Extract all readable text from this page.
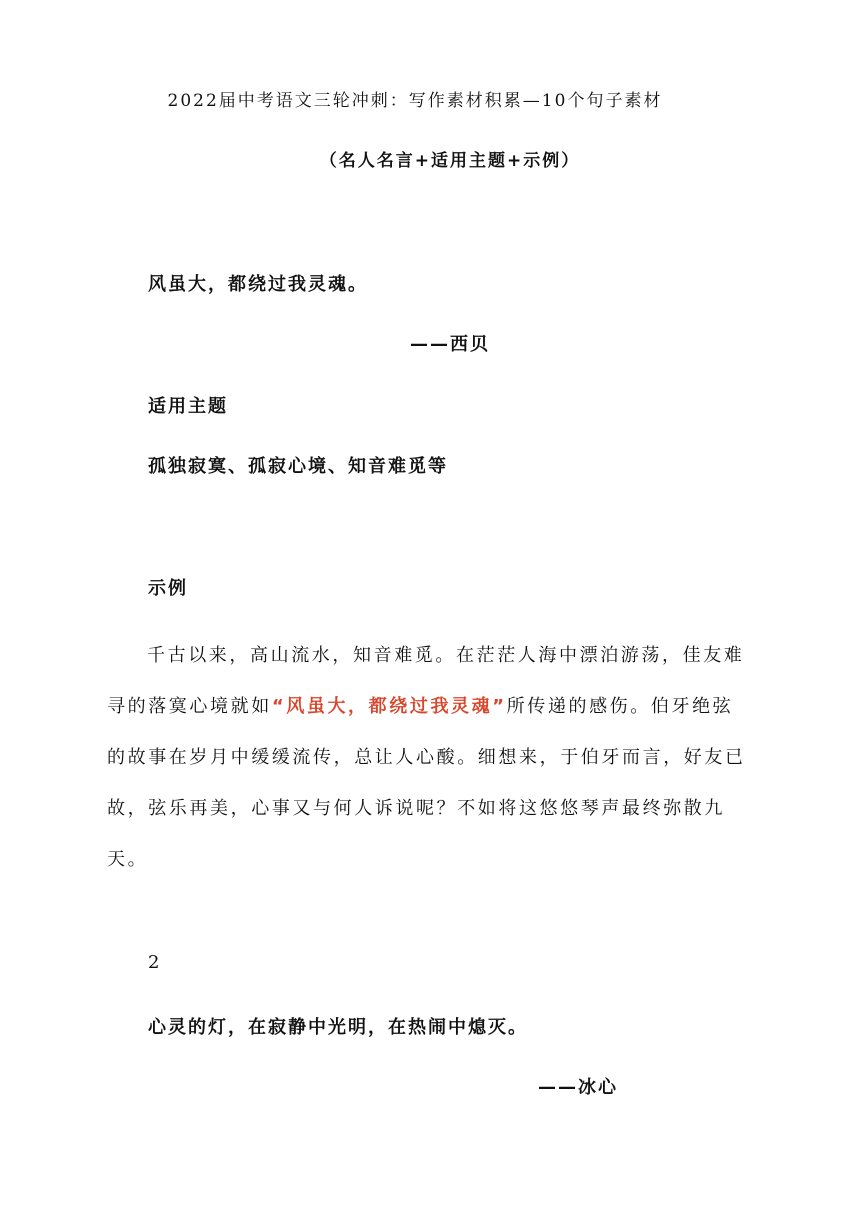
2022届中考语文三轮冲刺：写作素材积累—10个句子素材

（名人名言+适用主题+示例）

风虽大，都绕过我灵魂。

——西贝

适用主题

孤独寂寞、孤寂心境、知音难觅等

示例

千古以来，高山流水，知音难觅。在茫茫人海中漂泊游荡，佳友难寻的落寞心境就如“风虽大，都绕过我灵魂”所传递的感伤。伯牙绝弦的故事在岁月中缓缓流传，总让人心酸。细想来，于伯牙而言，好友已故，弦乐再美，心事又与何人诉说呢？不如将这悠悠琴声最终弥散九天。

2

心灵的灯，在寂静中光明，在热闹中熄灭。

——冰心
